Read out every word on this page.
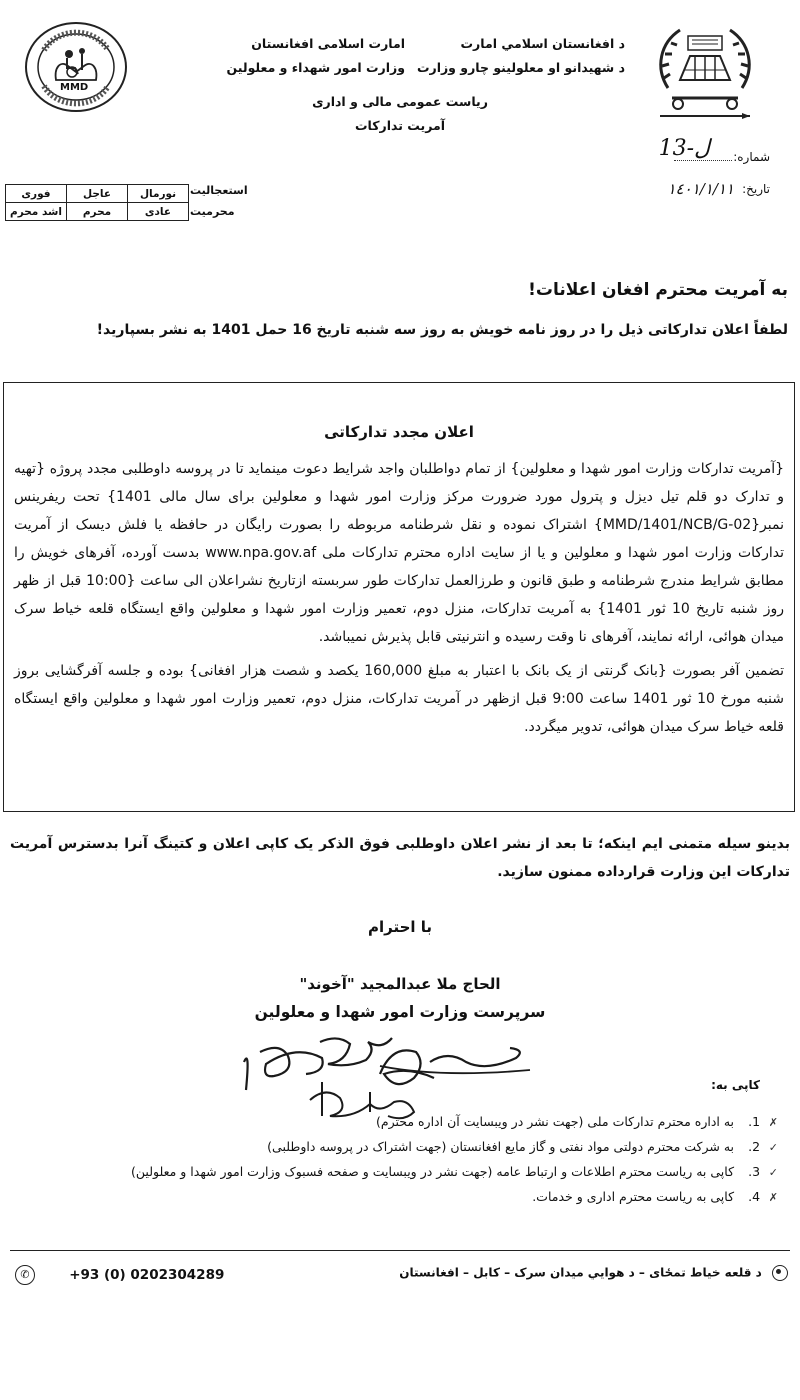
د افغانستان اسلامي امارت
د شهيدانو او معلولينو چارو وزارت
امارت اسلامی افغانستان
وزارت امور شهداء و معلولین
ریاست عمومی مالی و اداری
آمریت تدارکات
MMD
شماره:
ل-13
تاریخ:
١٤٠١/١/١١
نورمال	عاجل	فوری
عادی	محرم	اشد محرم
استعجالیت
محرمیت
به آمریت محترم افغان اعلانات!
لطفاً اعلان تدارکاتی ذیل را در روز نامه خویش به روز سه شنبه تاریخ 16 حمل 1401 به نشر بسپارید!
اعلان مجدد تدارکاتی
{آمریت تدارکات وزارت امور شهدا و معلولین} از تمام دواطلبان واجد شرایط دعوت مینماید تا در پروسه داوطلبی مجدد پروژه {تهیه و تدارک دو قلم تیل دیزل و پترول مورد ضرورت مرکز وزارت امور شهدا و معلولین برای سال مالی 1401} تحت ریفرینس نمبر{MMD/1401/NCB/G-02} اشتراک نموده و نقل شرطنامه مربوطه را بصورت رایگان در حافظه یا فلش دیسک از آمریت تدارکات وزارت امور شهدا و معلولین و یا از سایت اداره محترم تدارکات ملی www.npa.gov.af بدست آورده، آفرهای خویش را مطابق شرایط مندرج شرطنامه و طبق قانون و طرزالعمل تدارکات طور سربسته ازتاریخ نشراعلان الی ساعت {10:00 قبل از ظهر روز شنبه تاریخ 10 ثور 1401} به آمریت تدارکات، منزل دوم، تعمیر وزارت امور شهدا و معلولین واقع ایستگاه قلعه خیاط سرک میدان هوائی، ارائه نمایند، آفرهای نا وقت رسیده و انترنیتی قابل پذیرش نمیباشد.
تضمین آفر بصورت {بانک گرنتی از یک بانک با اعتبار به مبلغ 160,000 یکصد و شصت هزار افغانی} بوده و جلسه آفرگشایی بروز شنبه مورخ 10 ثور 1401 ساعت 9:00 قبل ازظهر در آمریت تدارکات، منزل دوم، تعمیر وزارت امور شهدا و معلولین واقع ایستگاه قلعه خیاط سرک میدان هوائی، تدویر میگردد.
بدینو سیله متمنی ایم اینکه؛ تا بعد از نشر اعلان داوطلبی فوق الذکر یک کاپی اعلان و کتینگ آنرا بدسترس آمریت تدارکات این وزارت قرارداده ممنون سازید.
با احترام
الحاج ملا عبدالمجید "آخوند"
سرپرست وزارت امور شهدا و معلولین
کاپی به:
✗ 1. به اداره محترم تدارکات ملی (جهت نشر در ویبسایت آن اداره محترم)
✓ 2. به شرکت محترم دولتی مواد نفتی و گاز مایع افغانستان (جهت اشتراک در پروسه داوطلبی)
✓ 3. کاپی به ریاست محترم اطلاعات و ارتباط عامه (جهت نشر در ویبسایت و صفحه فسبوک وزارت امور شهدا و معلولین)
✗ 4. کاپی به ریاست محترم اداری و خدمات.
د قلعه خیاط تمځای – د هوايي میدان سرک – کابل – افغانستان
✆	+93 (0) 0202304289
